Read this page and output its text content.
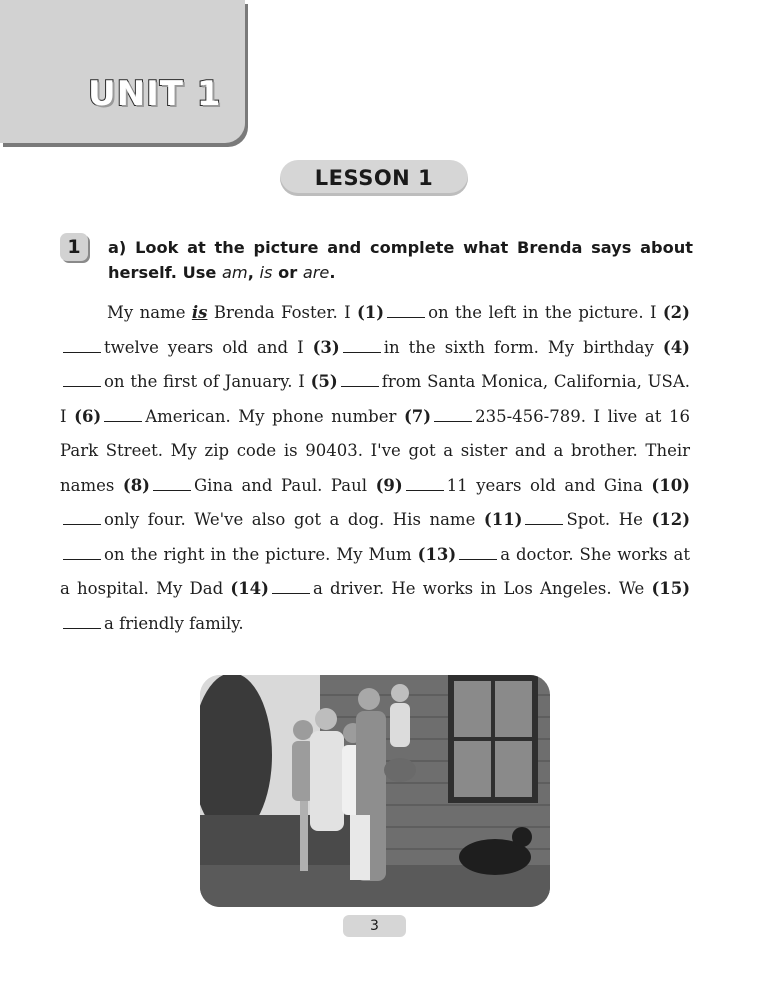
UNIT 1
LESSON 1
1	a) Look at the picture and complete what Brenda says about herself. Use am, is or are.
My name is Brenda Foster. I (1)	on the left in the picture. I (2)twelve years old and I (3)	in the sixth form. My birthday (4)on the first of January. I (5)	from Santa Monica, California, USA. I (6)	American. My phone number (7)	235-456-789. I live at 16 Park Street. My zip code is 90403. I've got a sister and a brother. Their names (8)	Gina and Paul. Paul (9)	11 years old and Gina (10)only four. We've also got a dog. His name (11)	Spot. He (12)on the right in the picture. My Mum (13)	a doctor. She works at a hospital. My Dad (14)	a driver. He works in Los Angeles. We (15)a friendly family.
3
